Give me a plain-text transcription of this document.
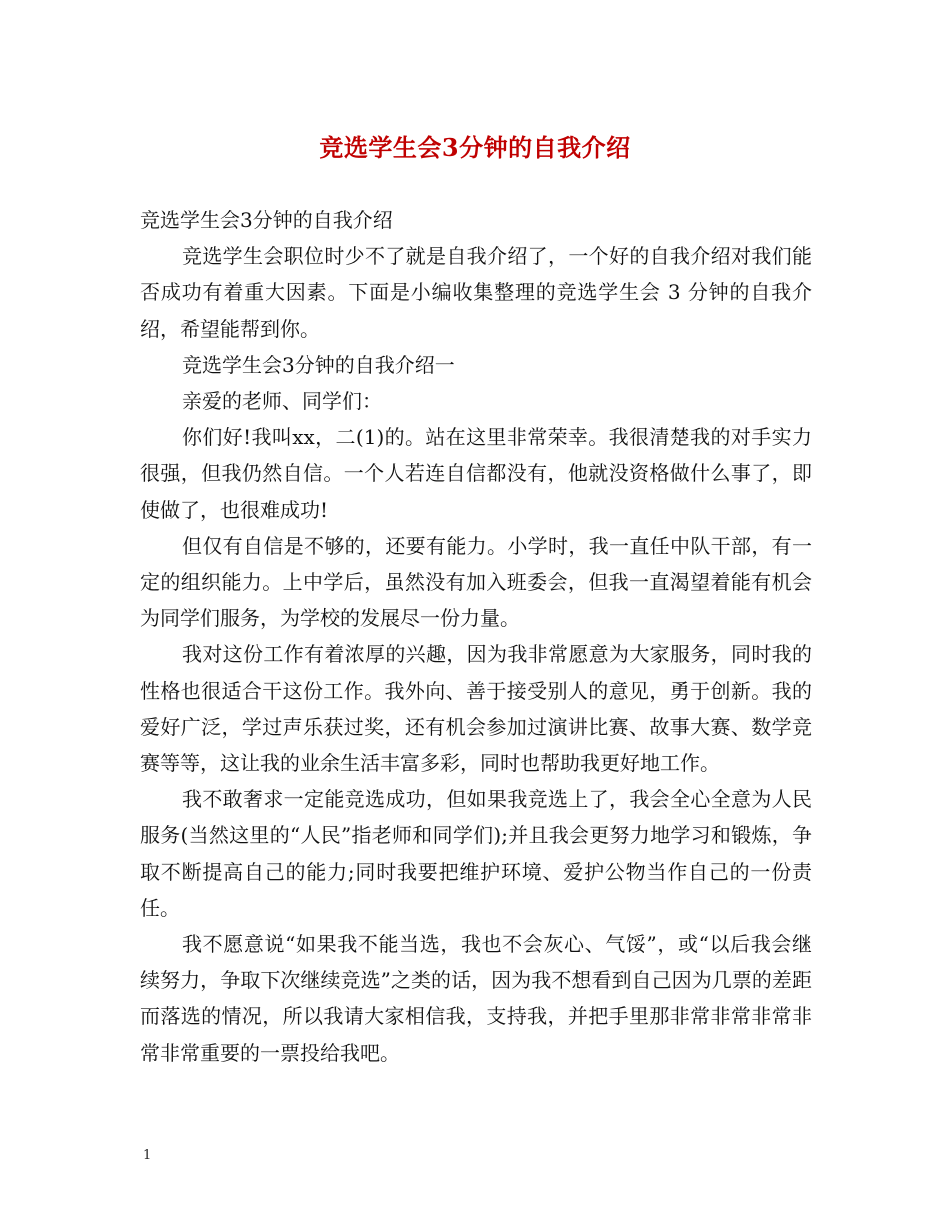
竞选学生会3分钟的自我介绍

竞选学生会3分钟的自我介绍

竞选学生会职位时少不了就是自我介绍了，一个好的自我介绍对我们能否成功有着重大因素。下面是小编收集整理的竞选学生会 3 分钟的自我介绍，希望能帮到你。

竞选学生会3分钟的自我介绍一

亲爱的老师、同学们：

你们好!我叫xx，二(1)的。站在这里非常荣幸。我很清楚我的对手实力很强，但我仍然自信。一个人若连自信都没有，他就没资格做什么事了，即使做了，也很难成功!

但仅有自信是不够的，还要有能力。小学时，我一直任中队干部，有一定的组织能力。上中学后，虽然没有加入班委会，但我一直渴望着能有机会为同学们服务，为学校的发展尽一份力量。

我对这份工作有着浓厚的兴趣，因为我非常愿意为大家服务，同时我的性格也很适合干这份工作。我外向、善于接受别人的意见，勇于创新。我的爱好广泛，学过声乐获过奖，还有机会参加过演讲比赛、故事大赛、数学竞赛等等，这让我的业余生活丰富多彩，同时也帮助我更好地工作。

我不敢奢求一定能竞选成功，但如果我竞选上了，我会全心全意为人民服务(当然这里的“人民”指老师和同学们);并且我会更努力地学习和锻炼，争取不断提高自己的能力;同时我要把维护环境、爱护公物当作自己的一份责任。

我不愿意说“如果我不能当选，我也不会灰心、气馁”，或“以后我会继续努力，争取下次继续竞选”之类的话，因为我不想看到自己因为几票的差距而落选的情况，所以我请大家相信我，支持我，并把手里那非常非常非常非常非常重要的一票投给我吧。

1
